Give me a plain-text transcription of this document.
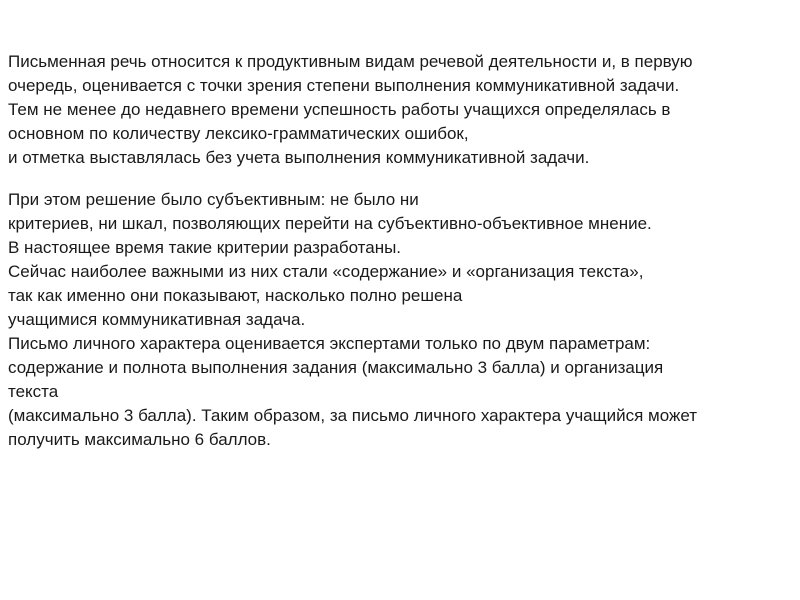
Письменная речь относится к продуктивным видам речевой деятельности и, в первую
очередь, оценивается с точки зрения степени выполнения коммуникативной задачи.
Тем не менее до недавнего времени успешность работы учащихся определялась в
основном по количеству лексико-грамматических ошибок,
и отметка выставлялась без учета выполнения коммуникативной задачи.
При этом решение было субъективным: не было ни
критериев, ни шкал, позволяющих перейти на субъективно-объективное мнение.
В настоящее время такие критерии разработаны.
Сейчас наиболее важными из них стали «содержание» и «организация текста»,
так как именно они показывают, насколько полно решена
учащимися коммуникативная задача.
Письмо личного характера оценивается экспертами только по двум параметрам:
содержание и полнота выполнения задания (максимально 3 балла) и организация
текста
(максимально 3 балла). Таким образом, за письмо личного характера учащийся может
получить максимально 6 баллов.
